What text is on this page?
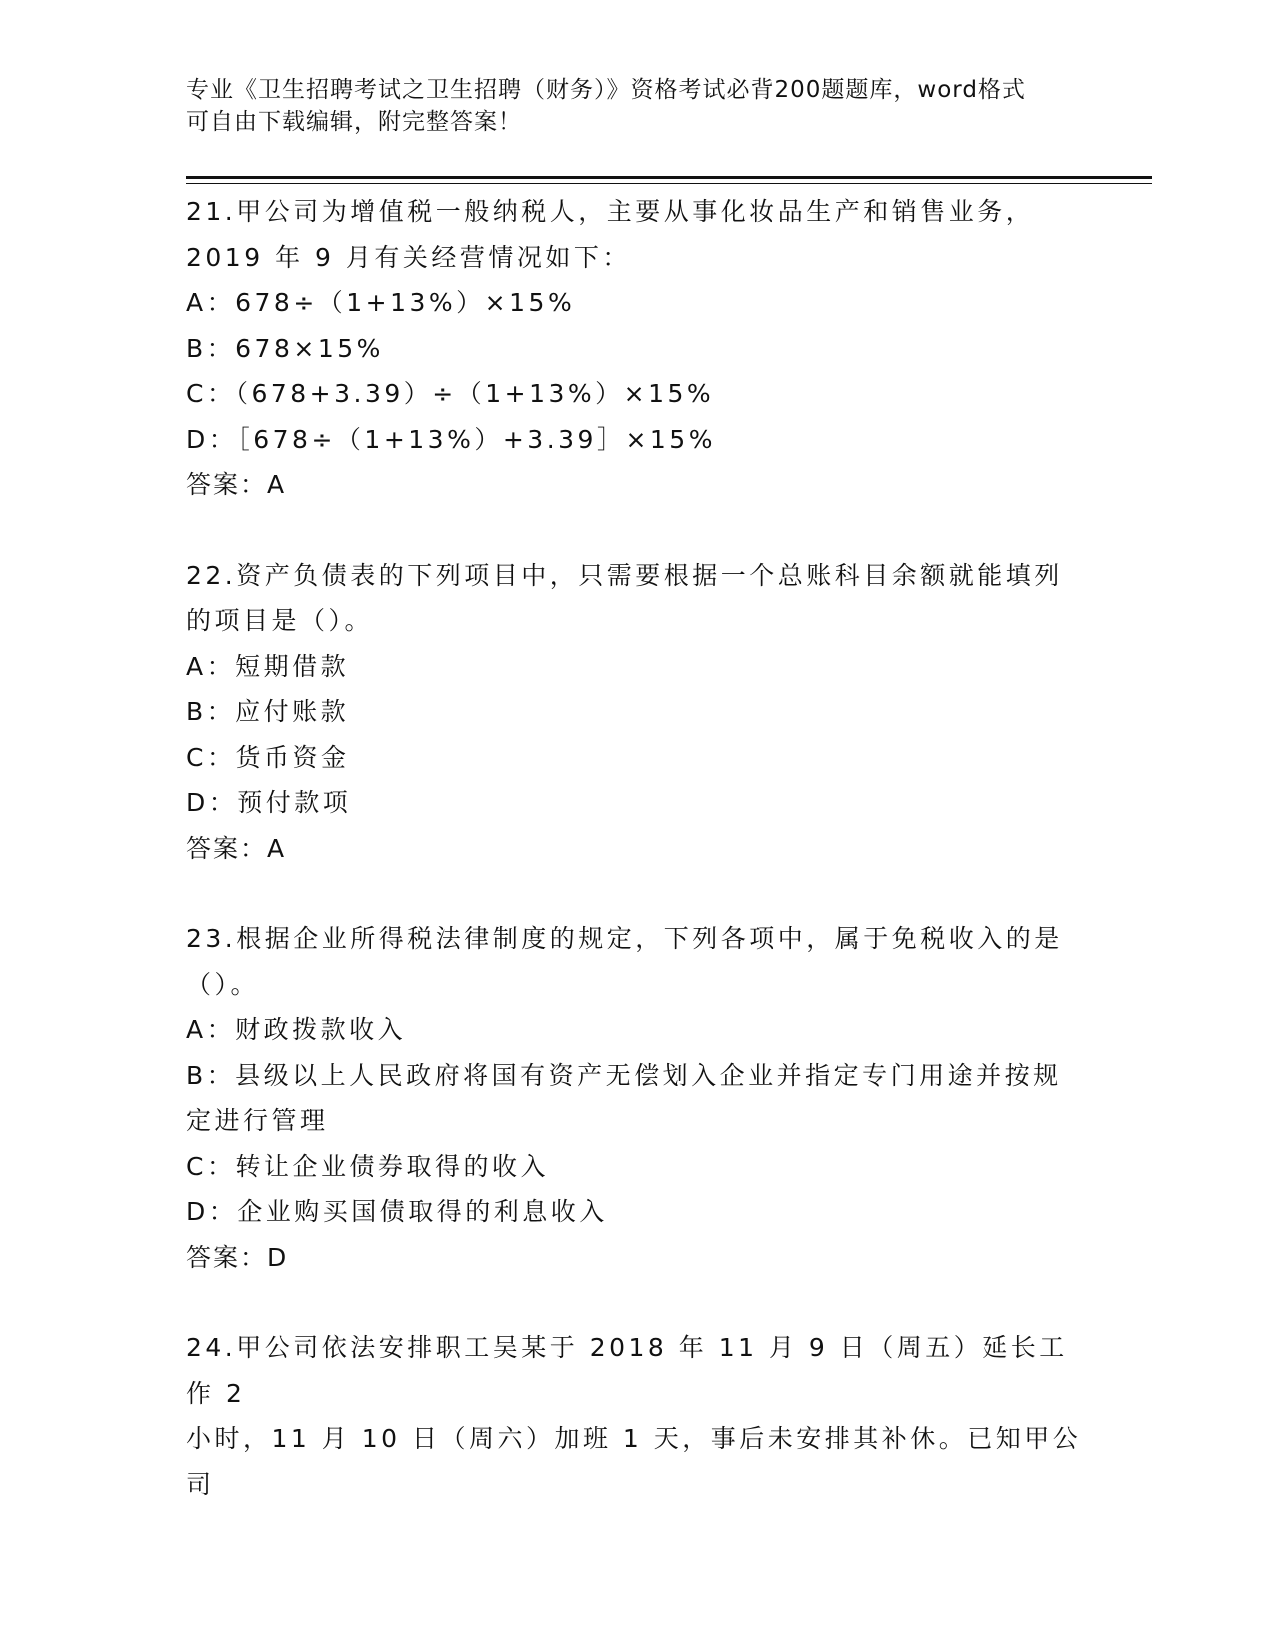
专业《卫生招聘考试之卫生招聘（财务）》资格考试必背200题题库，word格式
可自由下载编辑，附完整答案！
21.甲公司为增值税一般纳税人，主要从事化妆品生产和销售业务，
2019 年 9 月有关经营情况如下：
A：678÷（1+13%）×15%
B：678×15%
C：（678+3.39）÷（1+13%）×15%
D：［678÷（1+13%）+3.39］×15%
答案：A
22.资产负债表的下列项目中，只需要根据一个总账科目余额就能填列
的项目是（）。
A：短期借款
B：应付账款
C：货币资金
D：预付款项
答案：A
23.根据企业所得税法律制度的规定，下列各项中，属于免税收入的是
（）。
A：财政拨款收入
B：县级以上人民政府将国有资产无偿划入企业并指定专门用途并按规
定进行管理
C：转让企业债券取得的收入
D：企业购买国债取得的利息收入
答案：D
24.甲公司依法安排职工吴某于 2018 年 11 月 9 日（周五）延长工作 2
小时，11 月 10 日（周六）加班 1 天，事后未安排其补休。已知甲公司
